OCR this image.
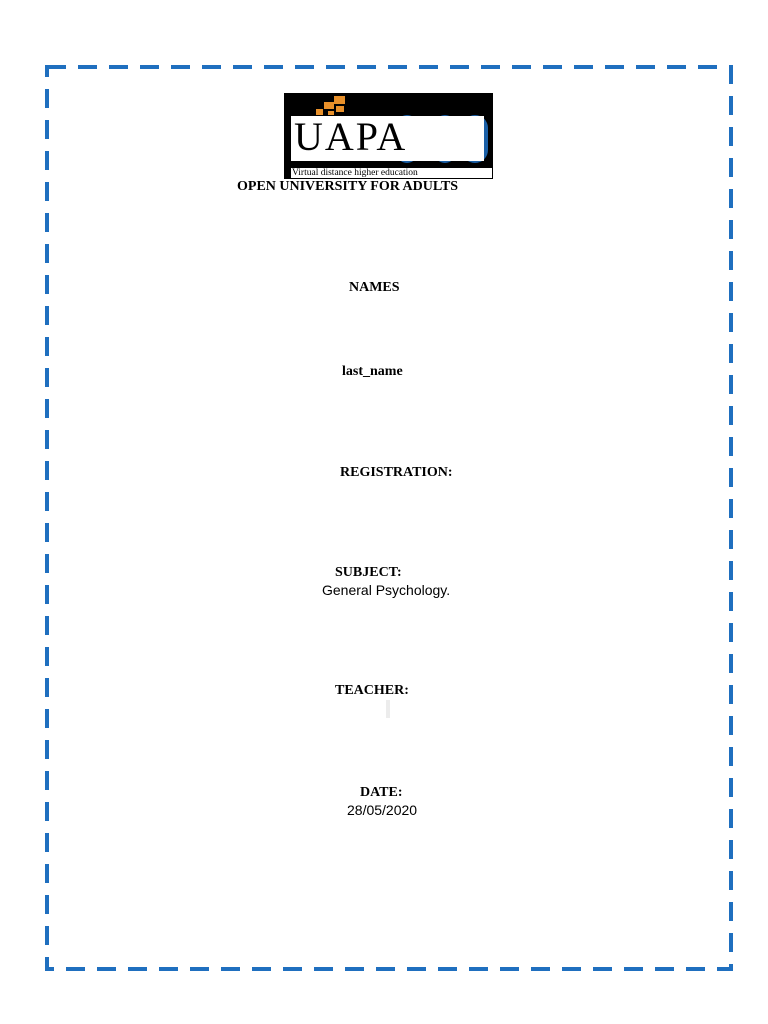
UAPA
Virtual distance higher education
OPEN UNIVERSITY FOR ADULTS
NAMES
last_name
REGISTRATION:
SUBJECT:
General Psychology.
TEACHER:
DATE:
28/05/2020
